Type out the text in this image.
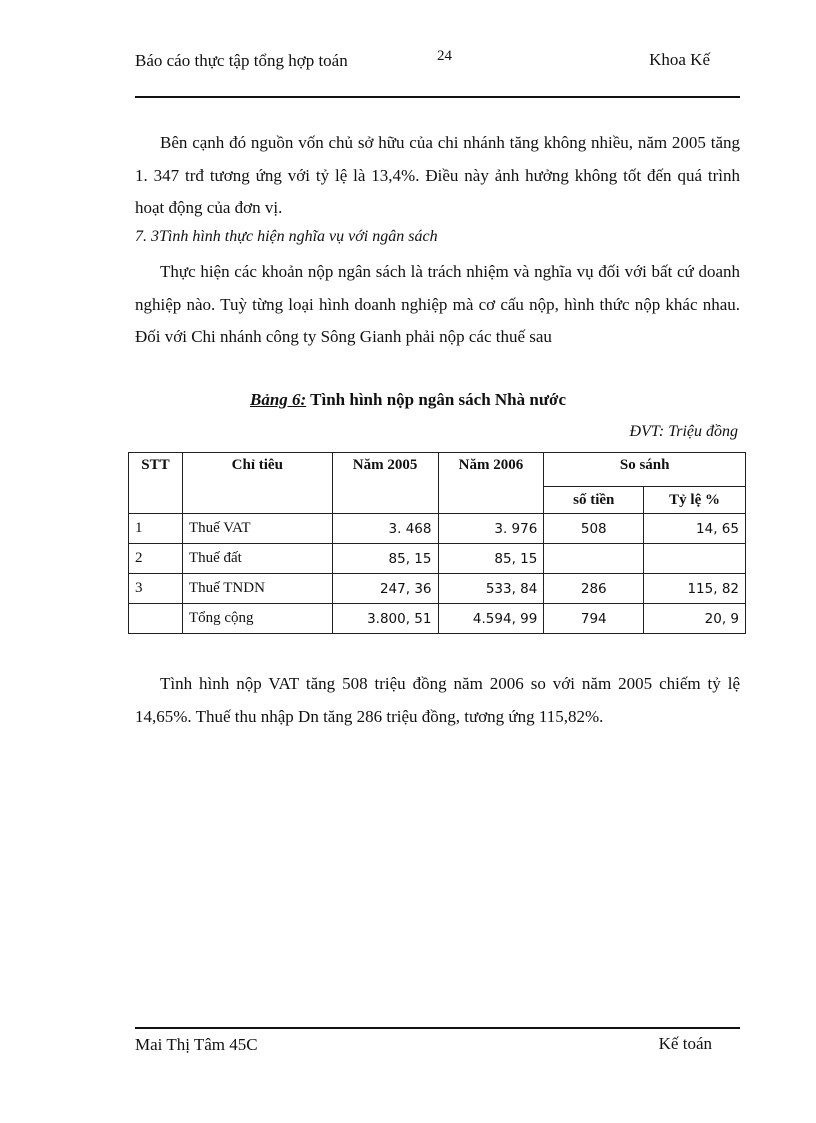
Báo cáo thực tập tổng hợp toán	24	Khoa Kế
Bên cạnh đó nguồn vốn chủ sở hữu của chi nhánh tăng không nhiều, năm 2005 tăng 1. 347 trđ tương ứng với tỷ lệ là 13,4%. Điều này ảnh hưởng không tốt đến quá trình hoạt động của đơn vị.
7. 3Tình hình thực hiện nghĩa vụ với ngân sách
Thực hiện các khoản nộp ngân sách là trách nhiệm và nghĩa vụ đối với bất cứ doanh nghiệp nào. Tuỳ từng loại hình doanh nghiệp mà cơ cấu nộp, hình thức nộp khác nhau. Đối với Chi nhánh công ty Sông Gianh phải nộp các thuế sau
Bảng 6: Tình hình nộp ngân sách Nhà nước
ĐVT: Triệu đồng
STT	Chỉ tiêu	Năm 2005	Năm 2006	So sánh	
				số tiền	Tỷ lệ %
1	Thuế VAT	3. 468	3. 976	508	14, 65
2	Thuế đất	85, 15	85, 15		
3	Thuế TNDN	247, 36	533, 84	286	115, 82
	Tổng cộng	3.800, 51	4.594, 99	794	20, 9
Tình hình nộp VAT tăng 508 triệu đồng năm 2006 so với năm 2005 chiếm tỷ lệ 14,65%. Thuế thu nhập Dn tăng 286 triệu đồng, tương ứng 115,82%.
Mai Thị Tâm 45C	Kế toán
